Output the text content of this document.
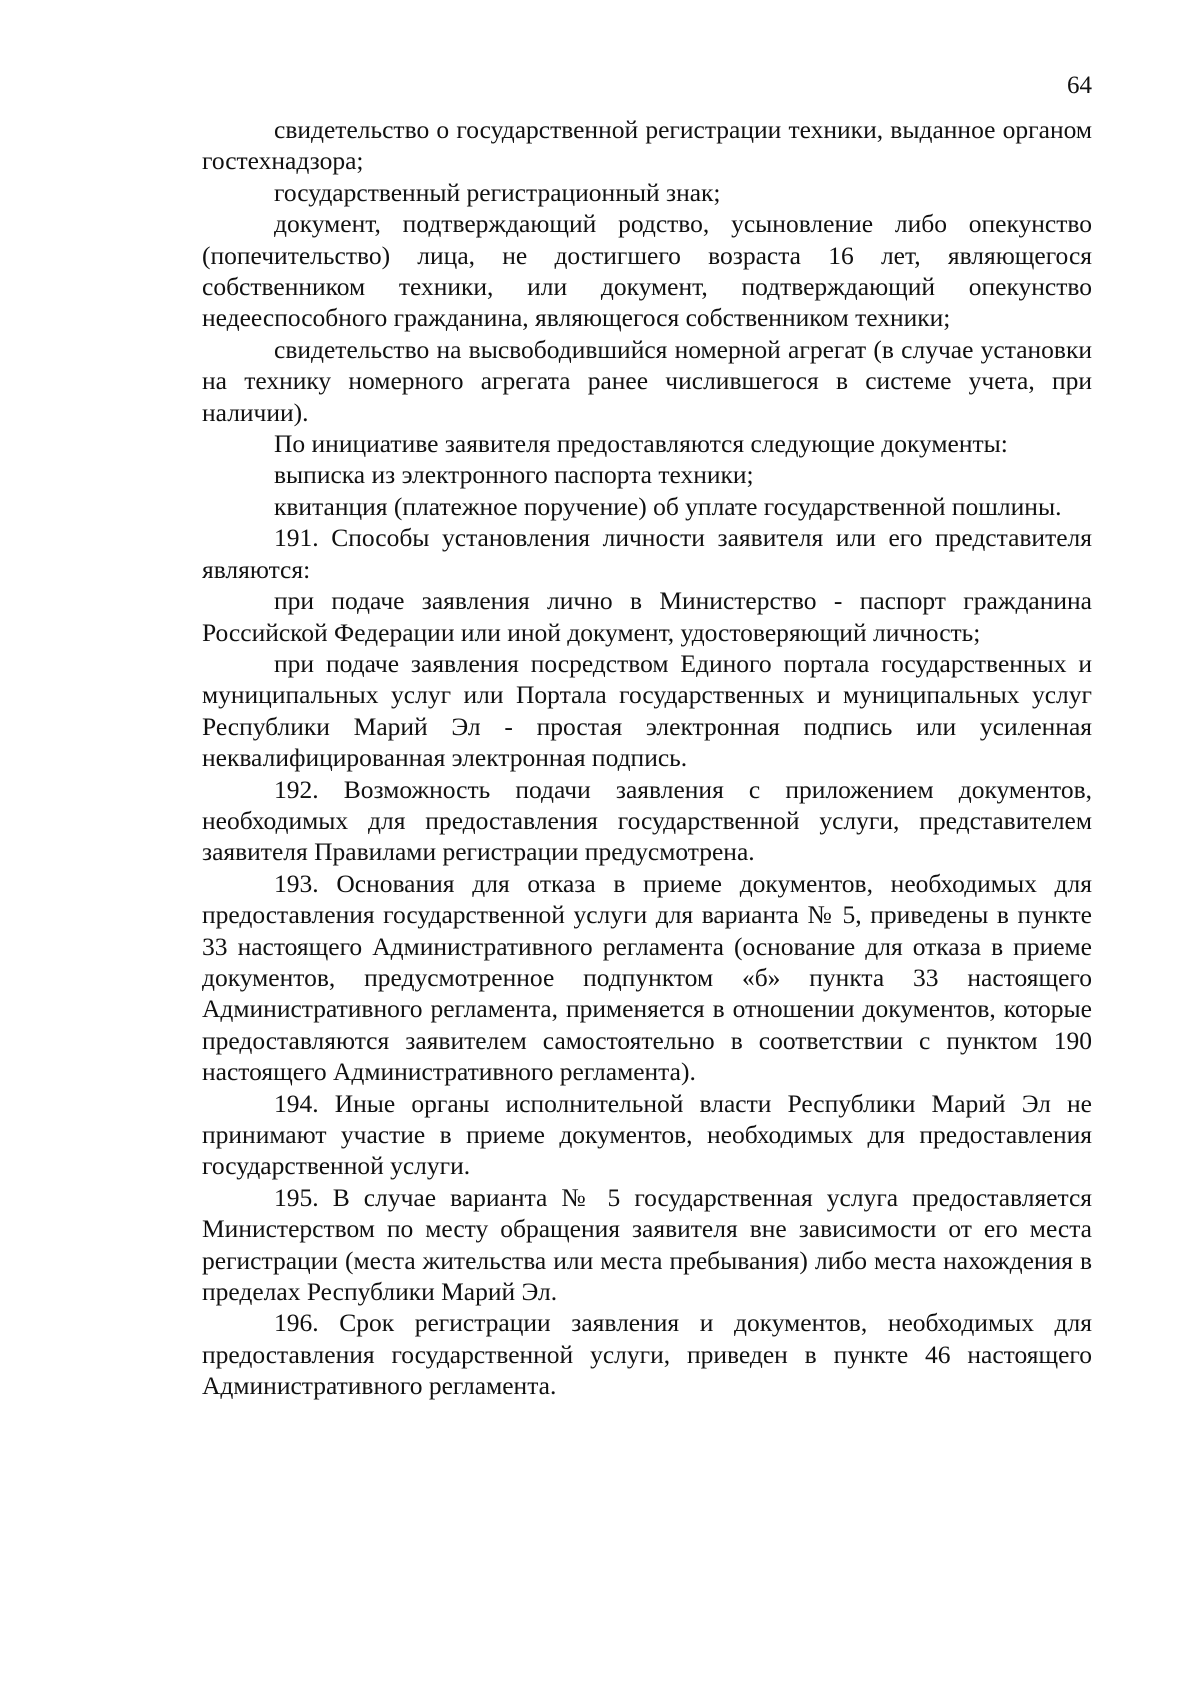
64

свидетельство о государственной регистрации техники, выданное органом гостехнадзора;

государственный регистрационный знак;

документ, подтверждающий родство, усыновление либо опекунство (попечительство) лица, не достигшего возраста 16 лет, являющегося собственником техники, или документ, подтверждающий опекунство недееспособного гражданина, являющегося собственником техники;

свидетельство на высвободившийся номерной агрегат (в случае установки на технику номерного агрегата ранее числившегося в системе учета, при наличии).

По инициативе заявителя предоставляются следующие документы:

выписка из электронного паспорта техники;

квитанция (платежное поручение) об уплате государственной пошлины.

191. Способы установления личности заявителя или его представителя являются:

при подаче заявления лично в Министерство - паспорт гражданина Российской Федерации или иной документ, удостоверяющий личность;

при подаче заявления посредством Единого портала государственных и муниципальных услуг или Портала государственных и муниципальных услуг Республики Марий Эл - простая электронная подпись или усиленная неквалифицированная электронная подпись.

192. Возможность подачи заявления с приложением документов, необходимых для предоставления государственной услуги, представителем заявителя Правилами регистрации предусмотрена.

193. Основания для отказа в приеме документов, необходимых для предоставления государственной услуги для варианта № 5, приведены в пункте 33 настоящего Административного регламента (основание для отказа в приеме документов, предусмотренное подпунктом «б» пункта 33 настоящего Административного регламента, применяется в отношении документов, которые предоставляются заявителем самостоятельно в соответствии с пунктом 190 настоящего Административного регламента).

194. Иные органы исполнительной власти Республики Марий Эл не принимают участие в приеме документов, необходимых для предоставления государственной услуги.

195. В случае варианта № 5 государственная услуга предоставляется Министерством по месту обращения заявителя вне зависимости от его места регистрации (места жительства или места пребывания) либо места нахождения в пределах Республики Марий Эл.

196. Срок регистрации заявления и документов, необходимых для предоставления государственной услуги, приведен в пункте 46 настоящего Административного регламента.
